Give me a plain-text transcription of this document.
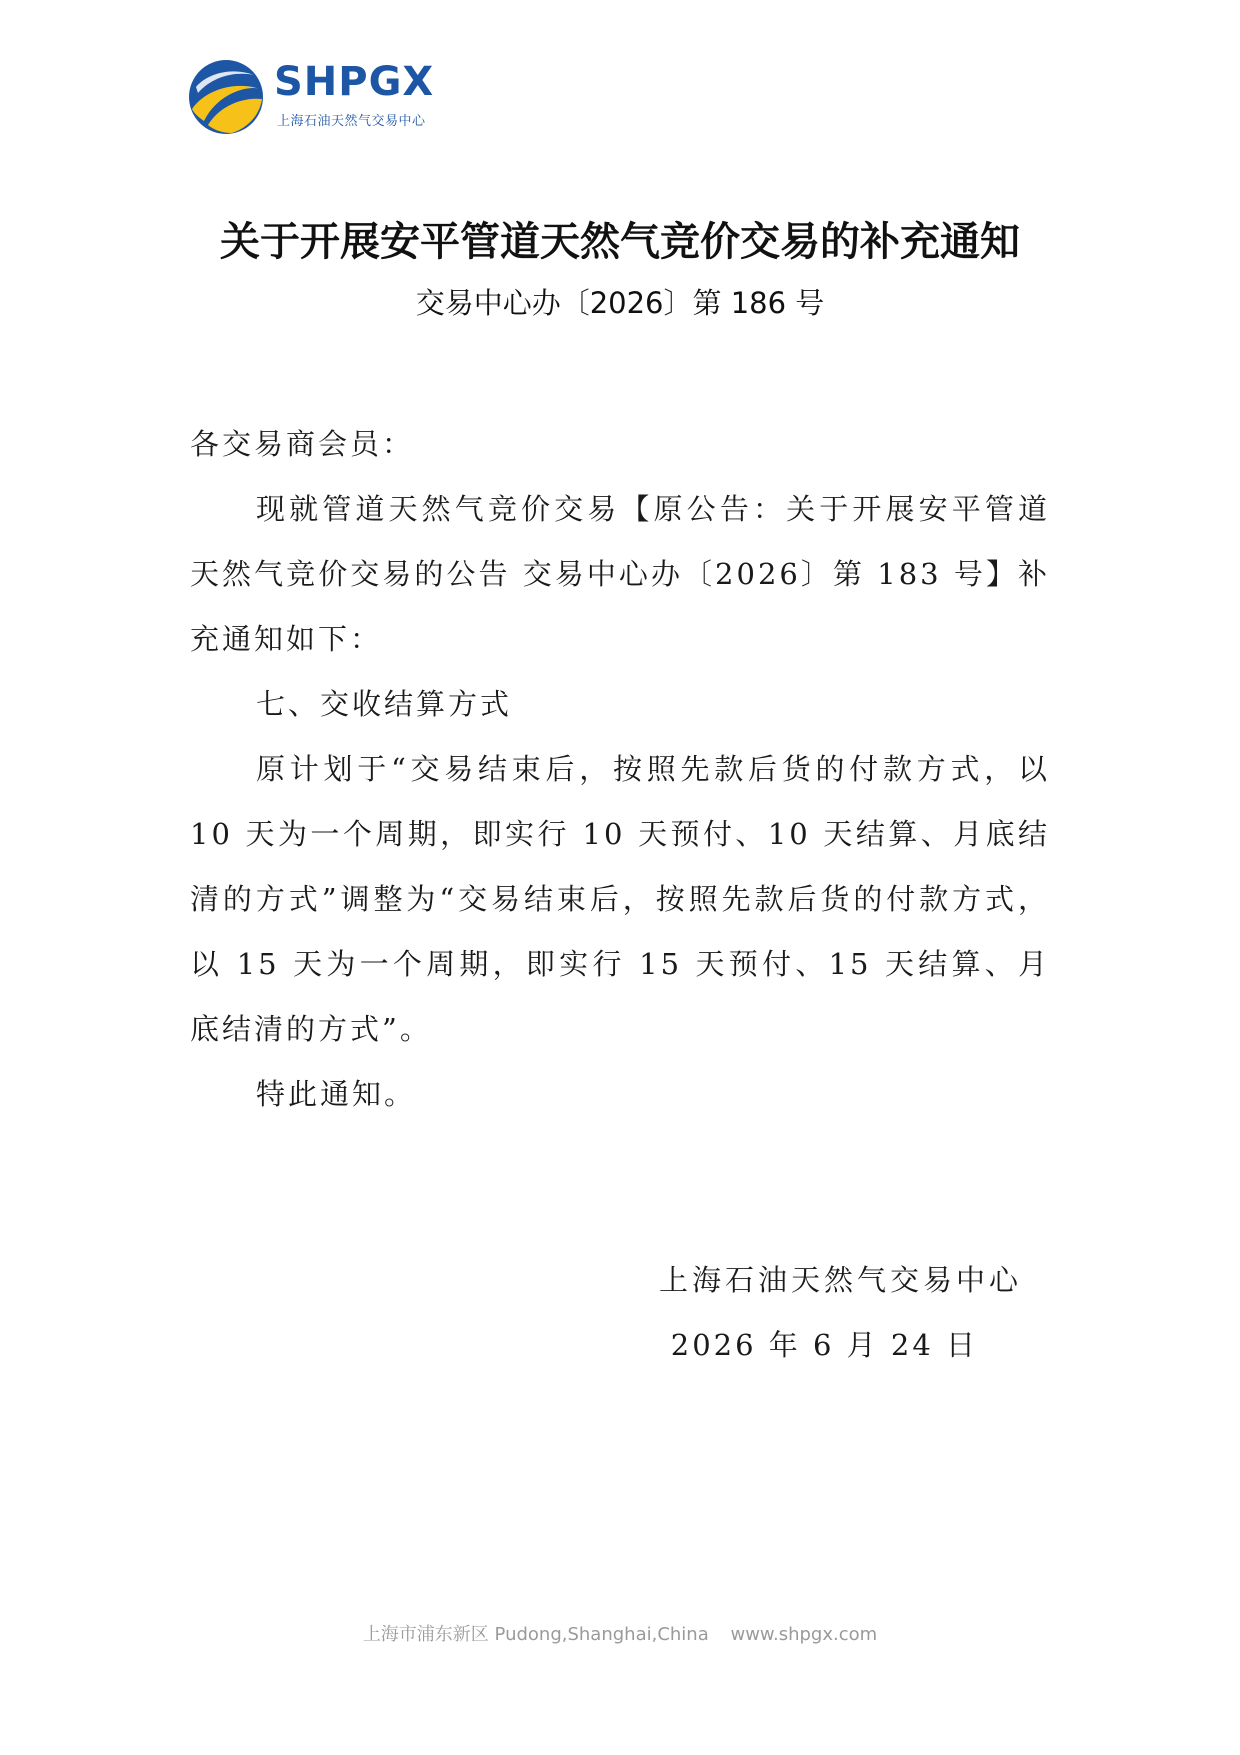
SHPGX
上海石油天然气交易中心
关于开展安平管道天然气竞价交易的补充通知
交易中心办〔2026〕第 186 号

各交易商会员：

现就管道天然气竞价交易【原公告：关于开展安平管道天然气竞价交易的公告 交易中心办〔2026〕第 183 号】补充通知如下：

七、交收结算方式

原计划于“交易结束后，按照先款后货的付款方式，以 10 天为一个周期，即实行 10 天预付、10 天结算、月底结清的方式”调整为“交易结束后，按照先款后货的付款方式，以 15 天为一个周期，即实行 15 天预付、15 天结算、月底结清的方式”。

特此通知。

上海石油天然气交易中心
2026 年 6 月 24 日
上海市浦东新区 Pudong,Shanghai,China www.shpgx.com
